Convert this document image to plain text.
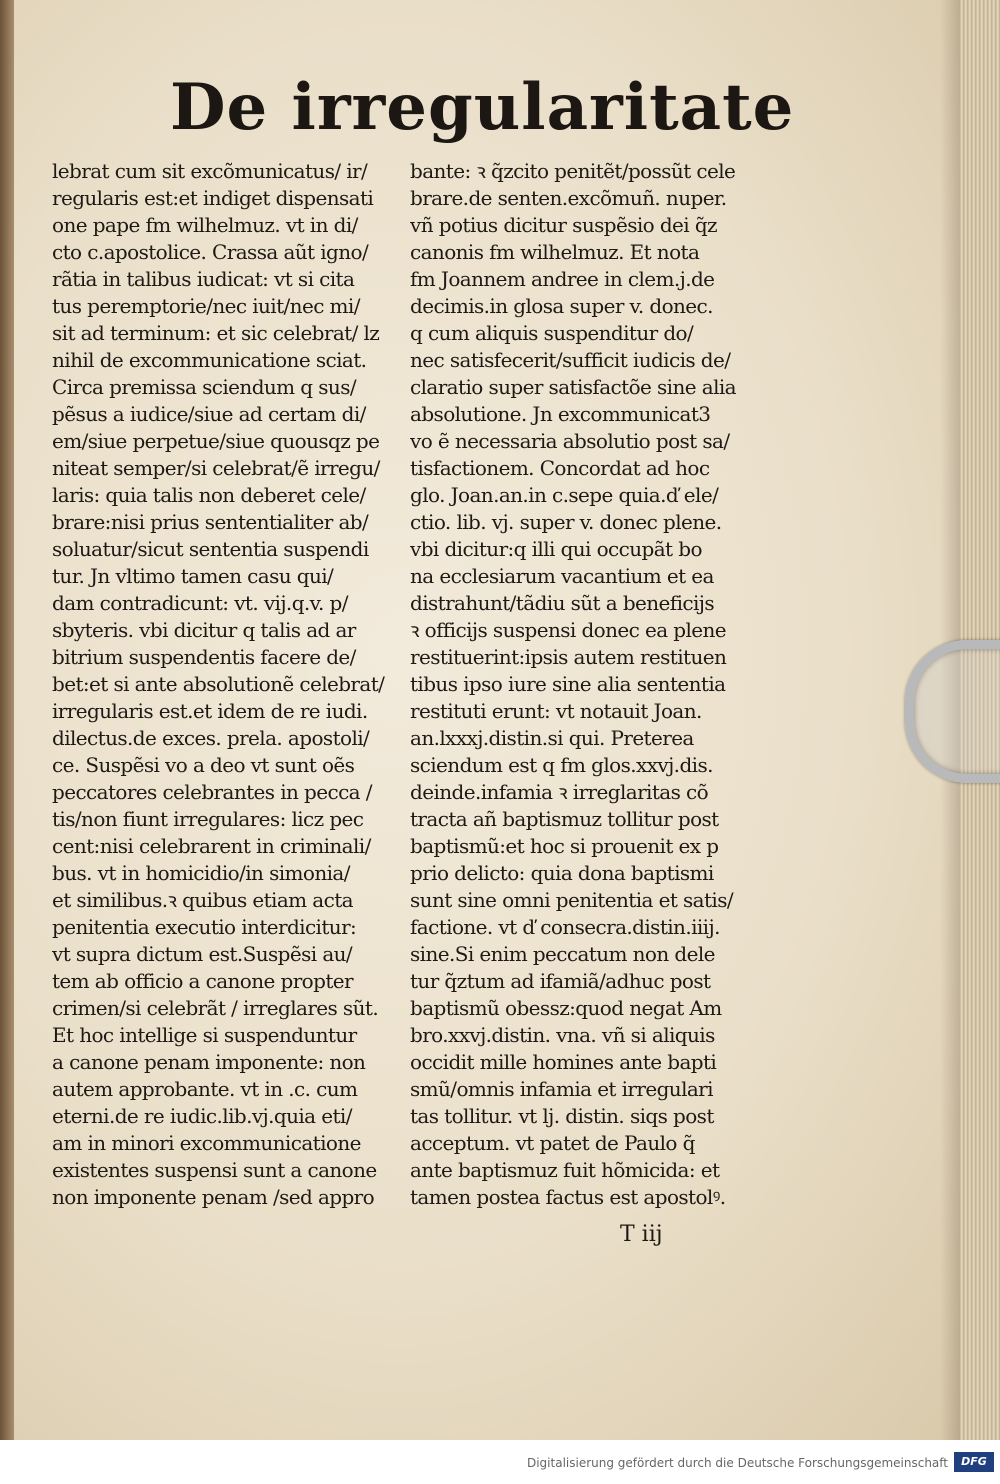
De irregularitate
lebrat cum sit excõmunicatus/ ir/
regularis est:et indiget dispensati
one pape fm wilhelmuz. vt in di/
cto c.apostolice. Crassa aũt igno/
rãtia in talibus iudicat: vt si cita
tus peremptorie/nec iuit/nec mi/
sit ad terminum: et sic celebrat/ lz
nihil de excommunicatione sciat.
Circa premissa sciendum q sus/
pẽsus a iudice/siue ad certam di/
em/siue perpetue/siue quousqz pe
niteat semper/si celebrat/ẽ irregu/
laris: quia talis non deberet cele/
brare:nisi prius sententialiter ab/
soluatur/sicut sententia suspendi
tur. Jn vltimo tamen casu qui/
dam contradicunt: vt. vij.q.v. p/
sbyteris. vbi dicitur q talis ad ar
bitrium suspendentis facere de/
bet:et si ante absolutionẽ celebrat/
irregularis est.et idem de re iudi.
dilectus.de exces. prela. apostoli/
ce. Suspẽsi vo a deo vt sunt oẽs
peccatores celebrantes in pecca /
tis/non fiunt irregulares: licz pec
cent:nisi celebrarent in criminali/
bus. vt in homicidio/in simonia/
et similibus.ꝛ quibus etiam acta
penitentia executio interdicitur:
vt supra dictum est.Suspẽsi au/
tem ab officio a canone propter
crimen/si celebrãt / irreglares sũt.
Et hoc intellige si suspenduntur
a canone penam imponente: non
autem approbante. vt in .c. cum
eterni.de re iudic.lib.vj.quia eti/
am in minori excommunicatione
existentes suspensi sunt a canone
non imponente penam /sed appro
bante: ꝛ q̃zcito penitẽt/possũt cele
brare.de senten.excõmuñ. nuper.
vñ potius dicitur suspẽsio dei q̃z
canonis fm wilhelmuz. Et nota
fm Joannem andree in clem.j.de
decimis.in glosa super v. donec.
q cum aliquis suspenditur do/
nec satisfecerit/sufficit iudicis de/
claratio super satisfactõe sine alia
absolutione. Jn excommunicat3
vo ẽ necessaria absolutio post sa/
tisfactionem. Concordat ad hoc
glo. Joan.an.in c.sepe quia.ď ele/
ctio. lib. vj. super v. donec plene.
vbi dicitur:q illi qui occupãt bo
na ecclesiarum vacantium et ea
distrahunt/tãdiu sũt a beneficijs
ꝛ officijs suspensi donec ea plene
restituerint:ipsis autem restituen
tibus ipso iure sine alia sententia
restituti erunt: vt notauit Joan.
an.lxxxj.distin.si qui. Preterea
sciendum est q fm glos.xxvj.dis.
deinde.infamia ꝛ irreglaritas cõ
tracta añ baptismuz tollitur post
baptismũ:et hoc si prouenit ex p
prio delicto: quia dona baptismi
sunt sine omni penitentia et satis/
factione. vt ď consecra.distin.iiij.
sine.Si enim peccatum non dele
tur q̃ztum ad ifamiã/adhuc post
baptismũ obessz:quod negat Am
bro.xxvj.distin. vna. vñ si aliquis
occidit mille homines ante bapti
smũ/omnis infamia et irregulari
tas tollitur. vt lj. distin. siqs post
acceptum. vt patet de Paulo q̃
ante baptismuz fuit hõmicida: et
tamen postea factus est apostolꝰ.
T iij
Digitalisierung gefördert durch die Deutsche Forschungsgemeinschaft	DFG
